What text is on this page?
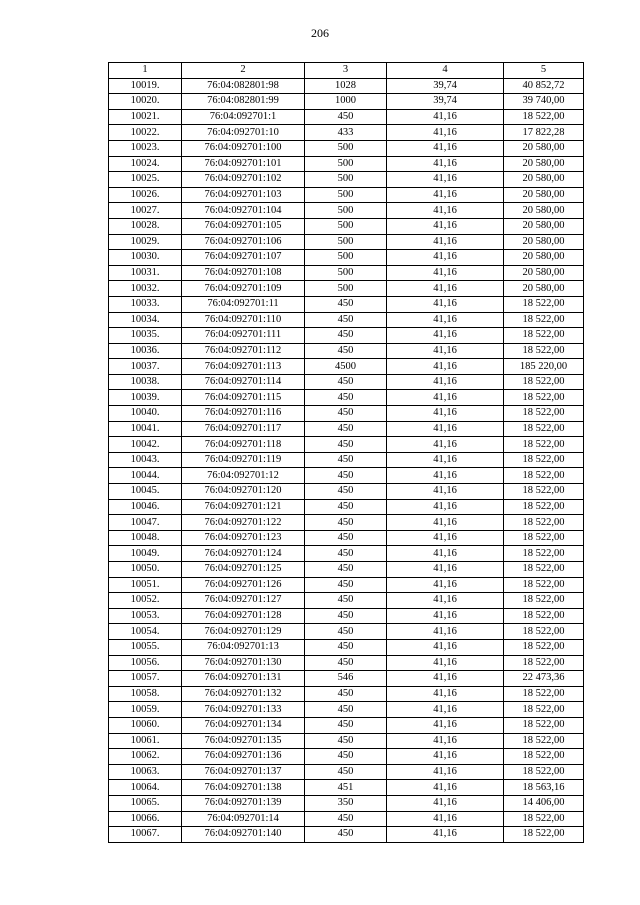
206
1	2	3	4	5
10019.	76:04:082801:98	1028	39,74	40 852,72
10020.	76:04:082801:99	1000	39,74	39 740,00
10021.	76:04:092701:1	450	41,16	18 522,00
10022.	76:04:092701:10	433	41,16	17 822,28
10023.	76:04:092701:100	500	41,16	20 580,00
10024.	76:04:092701:101	500	41,16	20 580,00
10025.	76:04:092701:102	500	41,16	20 580,00
10026.	76:04:092701:103	500	41,16	20 580,00
10027.	76:04:092701:104	500	41,16	20 580,00
10028.	76:04:092701:105	500	41,16	20 580,00
10029.	76:04:092701:106	500	41,16	20 580,00
10030.	76:04:092701:107	500	41,16	20 580,00
10031.	76:04:092701:108	500	41,16	20 580,00
10032.	76:04:092701:109	500	41,16	20 580,00
10033.	76:04:092701:11	450	41,16	18 522,00
10034.	76:04:092701:110	450	41,16	18 522,00
10035.	76:04:092701:111	450	41,16	18 522,00
10036.	76:04:092701:112	450	41,16	18 522,00
10037.	76:04:092701:113	4500	41,16	185 220,00
10038.	76:04:092701:114	450	41,16	18 522,00
10039.	76:04:092701:115	450	41,16	18 522,00
10040.	76:04:092701:116	450	41,16	18 522,00
10041.	76:04:092701:117	450	41,16	18 522,00
10042.	76:04:092701:118	450	41,16	18 522,00
10043.	76:04:092701:119	450	41,16	18 522,00
10044.	76:04:092701:12	450	41,16	18 522,00
10045.	76:04:092701:120	450	41,16	18 522,00
10046.	76:04:092701:121	450	41,16	18 522,00
10047.	76:04:092701:122	450	41,16	18 522,00
10048.	76:04:092701:123	450	41,16	18 522,00
10049.	76:04:092701:124	450	41,16	18 522,00
10050.	76:04:092701:125	450	41,16	18 522,00
10051.	76:04:092701:126	450	41,16	18 522,00
10052.	76:04:092701:127	450	41,16	18 522,00
10053.	76:04:092701:128	450	41,16	18 522,00
10054.	76:04:092701:129	450	41,16	18 522,00
10055.	76:04:092701:13	450	41,16	18 522,00
10056.	76:04:092701:130	450	41,16	18 522,00
10057.	76:04:092701:131	546	41,16	22 473,36
10058.	76:04:092701:132	450	41,16	18 522,00
10059.	76:04:092701:133	450	41,16	18 522,00
10060.	76:04:092701:134	450	41,16	18 522,00
10061.	76:04:092701:135	450	41,16	18 522,00
10062.	76:04:092701:136	450	41,16	18 522,00
10063.	76:04:092701:137	450	41,16	18 522,00
10064.	76:04:092701:138	451	41,16	18 563,16
10065.	76:04:092701:139	350	41,16	14 406,00
10066.	76:04:092701:14	450	41,16	18 522,00
10067.	76:04:092701:140	450	41,16	18 522,00
